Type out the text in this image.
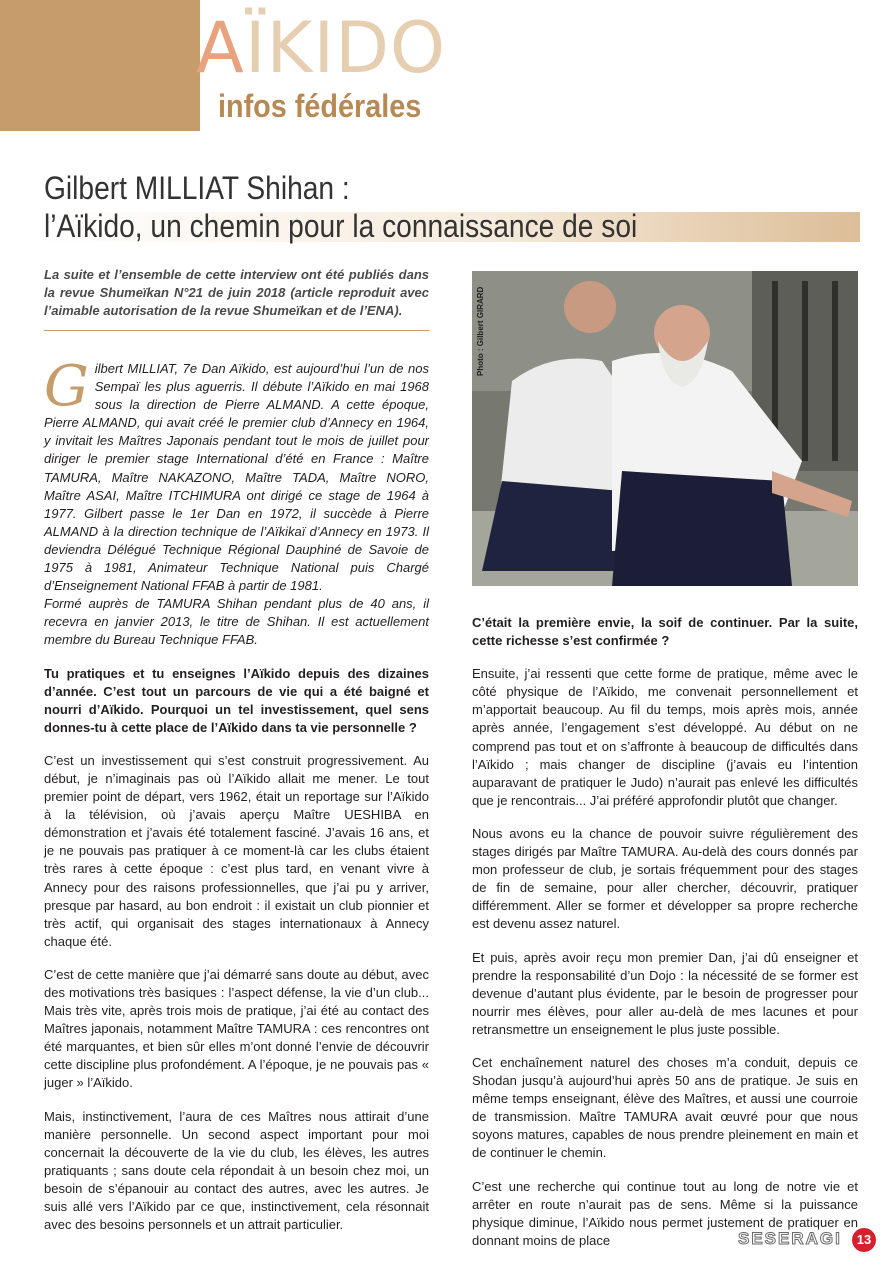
AÏKIDO
infos fédérales
Gilbert MILLIAT Shihan :
l’Aïkido, un chemin pour la connaissance de soi
La suite et l’ensemble de cette interview ont été publiés dans la revue Shumeïkan N°21 de juin 2018 (article reproduit avec l’aimable autorisation de la revue Shumeïkan et de l’ENA).

Gilbert MILLIAT, 7e Dan Aïkido, est aujourd’hui l’un de nos Sempaï les plus aguerris. Il débute l’Aïkido en mai 1968 sous la direction de Pierre ALMAND. A cette époque, Pierre ALMAND, qui avait créé le premier club d’Annecy en 1964, y invitait les Maîtres Japonais pendant tout le mois de juillet pour diriger le premier stage International d’été en France : Maître TAMURA, Maître NAKAZONO, Maître TADA, Maître NORO, Maître ASAI, Maître ITCHIMURA ont dirigé ce stage de 1964 à 1977. Gilbert passe le 1er Dan en 1972, il succède à Pierre ALMAND à la direction technique de l’Aïkikaï d’Annecy en 1973. Il deviendra Délégué Technique Régional Dauphiné de Savoie de 1975 à 1981, Animateur Technique National puis Chargé d’Enseignement National FFAB à partir de 1981.

Formé auprès de TAMURA Shihan pendant plus de 40 ans, il recevra en janvier 2013, le titre de Shihan. Il est actuellement membre du Bureau Technique FFAB.

Tu pratiques et tu enseignes l’Aïkido depuis des dizaines d’année. C’est tout un parcours de vie qui a été baigné et nourri d’Aïkido. Pourquoi un tel investissement, quel sens donnes-tu à cette place de l’Aïkido dans ta vie personnelle ?

C’est un investissement qui s’est construit progressivement. Au début, je n’imaginais pas où l’Aïkido allait me mener. Le tout premier point de départ, vers 1962, était un reportage sur l’Aïkido à la télévision, où j’avais aperçu Maître UESHIBA en démonstration et j’avais été totalement fasciné. J’avais 16 ans, et je ne pouvais pas pratiquer à ce moment-là car les clubs étaient très rares à cette époque : c’est plus tard, en venant vivre à Annecy pour des raisons professionnelles, que j’ai pu y arriver, presque par hasard, au bon endroit : il existait un club pionnier et très actif, qui organisait des stages internationaux à Annecy chaque été.

C’est de cette manière que j’ai démarré sans doute au début, avec des motivations très basiques : l’aspect défense, la vie d’un club... Mais très vite, après trois mois de pratique, j’ai été au contact des Maîtres japonais, notamment Maître TAMURA : ces rencontres ont été marquantes, et bien sûr elles m’ont donné l’envie de découvrir cette discipline plus profondément. A l’époque, je ne pouvais pas « juger » l’Aïkido.

Mais, instinctivement, l’aura de ces Maîtres nous attirait d’une manière personnelle. Un second aspect important pour moi concernait la découverte de la vie du club, les élèves, les autres pratiquants ; sans doute cela répondait à un besoin chez moi, un besoin de s’épanouir au contact des autres, avec les autres. Je suis allé vers l’Aïkido par ce que, instinctivement, cela résonnait avec des besoins personnels et un attrait particulier.

Photo : Gilbert GIRARD

C’était la première envie, la soif de continuer. Par la suite, cette richesse s’est confirmée ?

Ensuite, j’ai ressenti que cette forme de pratique, même avec le côté physique de l’Aïkido, me convenait personnellement et m’apportait beaucoup. Au fil du temps, mois après mois, année après année, l’engagement s’est développé. Au début on ne comprend pas tout et on s’affronte à beaucoup de difficultés dans l’Aïkido ; mais changer de discipline (j’avais eu l’intention auparavant de pratiquer le Judo) n’aurait pas enlevé les difficultés que je rencontrais... J’ai préféré approfondir plutôt que changer.

Nous avons eu la chance de pouvoir suivre régulièrement des stages dirigés par Maître TAMURA. Au-delà des cours donnés par mon professeur de club, je sortais fréquemment pour des stages de fin de semaine, pour aller chercher, découvrir, pratiquer différemment. Aller se former et développer sa propre recherche est devenu assez naturel.

Et puis, après avoir reçu mon premier Dan, j’ai dû enseigner et prendre la responsabilité d’un Dojo : la nécessité de se former est devenue d’autant plus évidente, par le besoin de progresser pour nourrir mes élèves, pour aller au-delà de mes lacunes et pour retransmettre un enseignement le plus juste possible.

Cet enchaînement naturel des choses m’a conduit, depuis ce Shodan jusqu’à aujourd’hui après 50 ans de pratique. Je suis en même temps enseignant, élève des Maîtres, et aussi une courroie de transmission. Maître TAMURA avait œuvré pour que nous soyons matures, capables de nous prendre pleinement en main et de continuer le chemin.

C’est une recherche qui continue tout au long de notre vie et arrêter en route n’aurait pas de sens. Même si la puissance physique diminue, l’Aïkido nous permet justement de pratiquer en donnant moins de place	SESERAGI	13
